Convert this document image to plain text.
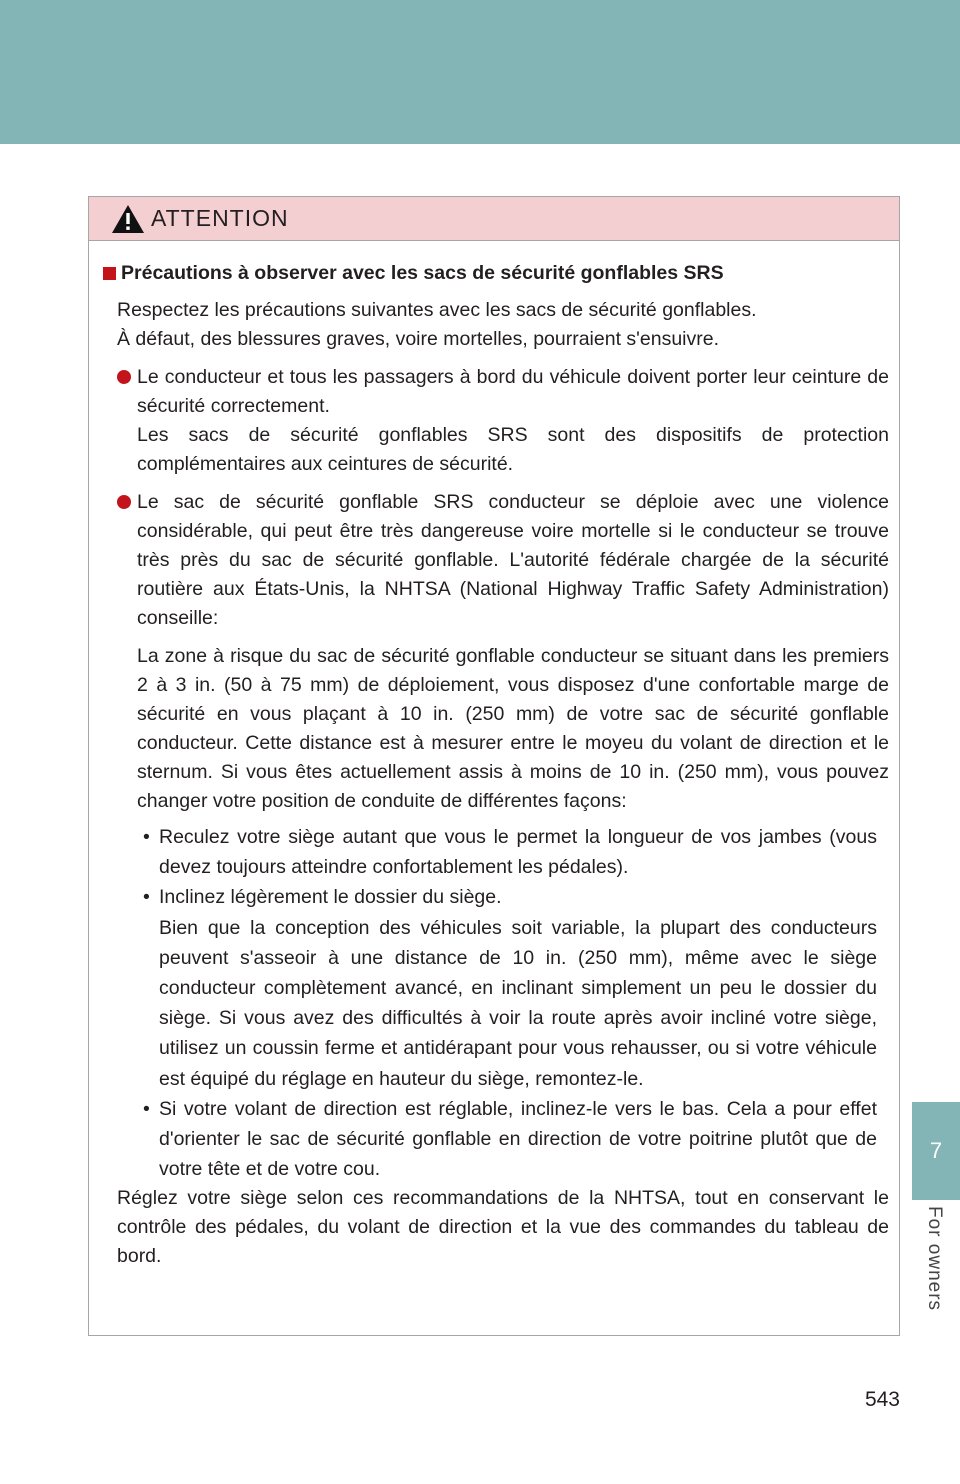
ATTENTION
Précautions à observer avec les sacs de sécurité gonflables SRS
Respectez les précautions suivantes avec les sacs de sécurité gonflables.
À défaut, des blessures graves, voire mortelles, pourraient s'ensuivre.
Le conducteur et tous les passagers à bord du véhicule doivent porter leur ceinture de sécurité correctement.
Les sacs de sécurité gonflables SRS sont des dispositifs de protection complémentaires aux ceintures de sécurité.
Le sac de sécurité gonflable SRS conducteur se déploie avec une violence considérable, qui peut être très dangereuse voire mortelle si le conducteur se trouve très près du sac de sécurité gonflable. L'autorité fédérale chargée de la sécurité routière aux États-Unis, la NHTSA (National Highway Traffic Safety Administration) conseille:
La zone à risque du sac de sécurité gonflable conducteur se situant dans les premiers 2 à 3 in. (50 à 75 mm) de déploiement, vous disposez d'une confortable marge de sécurité en vous plaçant à 10 in. (250 mm) de votre sac de sécurité gonflable conducteur. Cette distance est à mesurer entre le moyeu du volant de direction et le sternum. Si vous êtes actuellement assis à moins de 10 in. (250 mm), vous pouvez changer votre position de conduite de différentes façons:
• Reculez votre siège autant que vous le permet la longueur de vos jambes (vous devez toujours atteindre confortablement les pédales).
• Inclinez légèrement le dossier du siège.
Bien que la conception des véhicules soit variable, la plupart des conducteurs peuvent s'asseoir à une distance de 10 in. (250 mm), même avec le siège conducteur complètement avancé, en inclinant simplement un peu le dossier du siège. Si vous avez des difficultés à voir la route après avoir incliné votre siège, utilisez un coussin ferme et antidérapant pour vous rehausser, ou si votre véhicule est équipé du réglage en hauteur du siège, remontez-le.
• Si votre volant de direction est réglable, inclinez-le vers le bas. Cela a pour effet d'orienter le sac de sécurité gonflable en direction de votre poitrine plutôt que de votre tête et de votre cou.
Réglez votre siège selon ces recommandations de la NHTSA, tout en conservant le contrôle des pédales, du volant de direction et la vue des commandes du tableau de bord.
7
For owners
543
